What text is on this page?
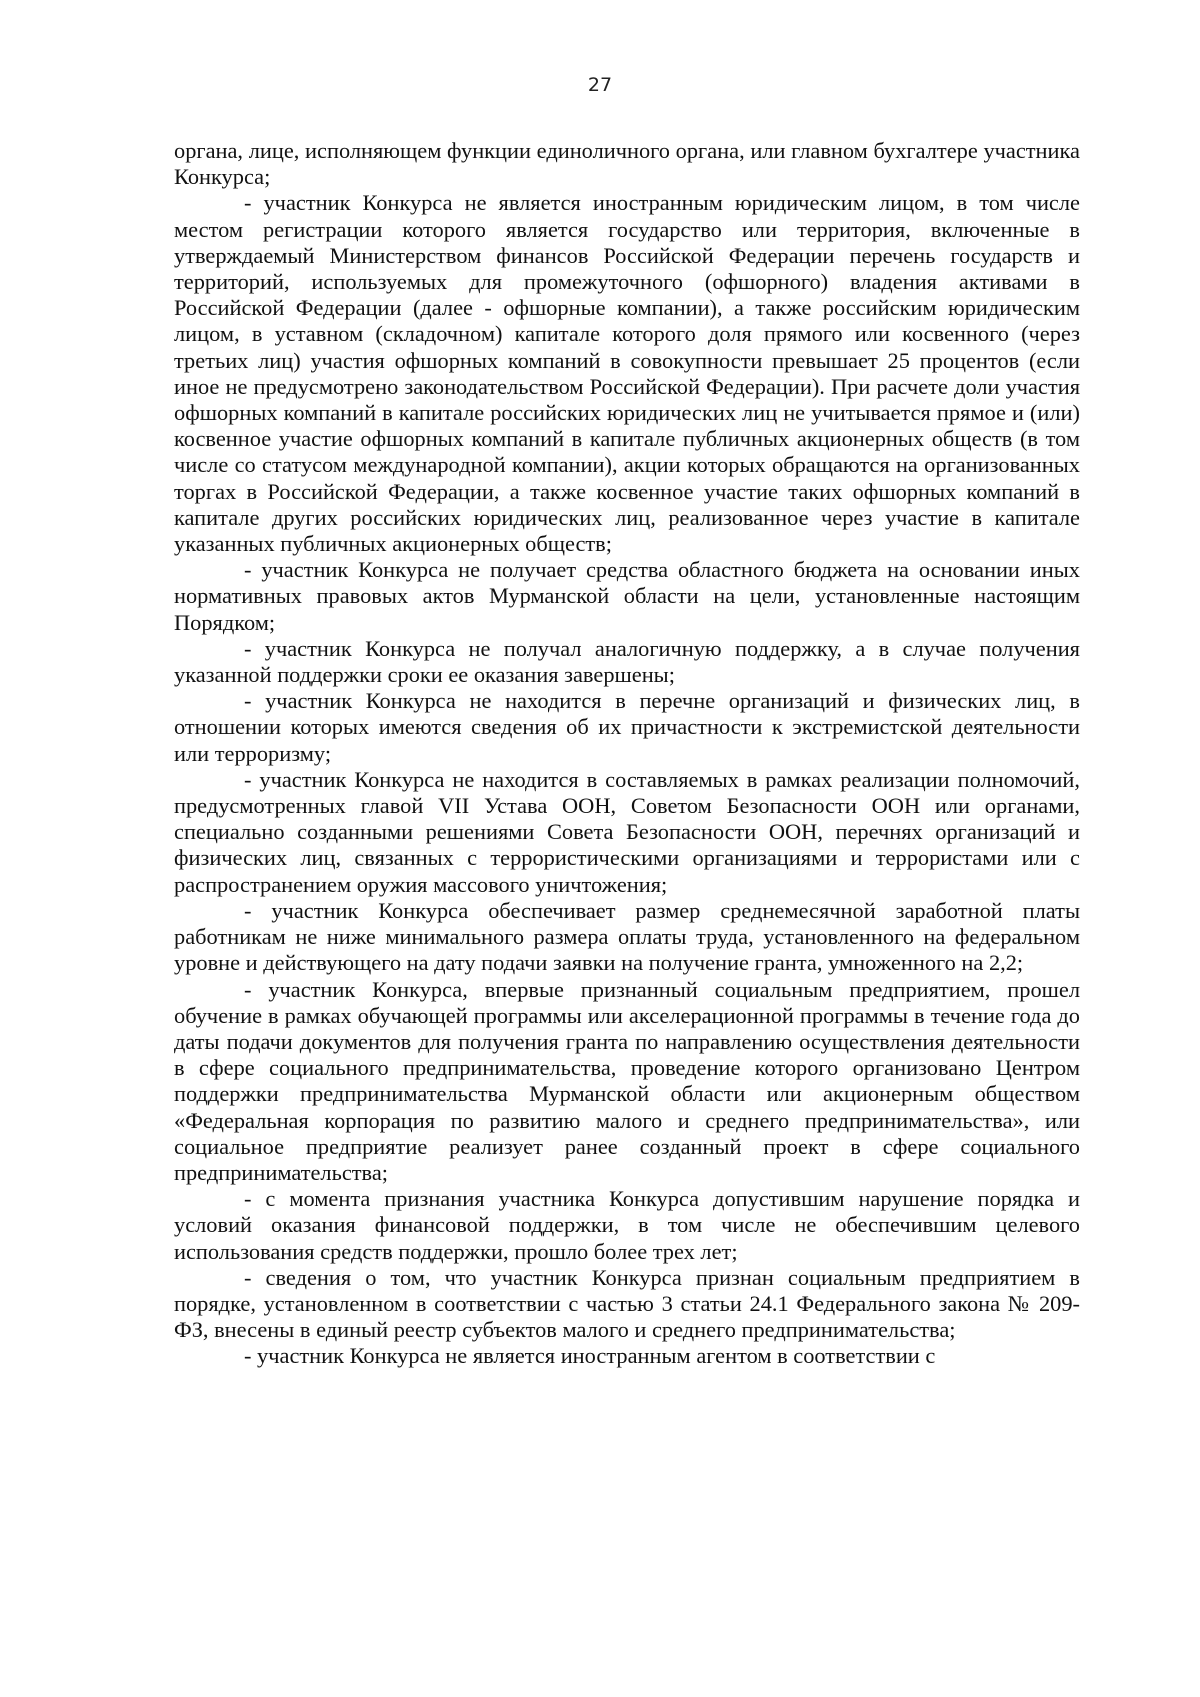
27

органа, лице, исполняющем функции единоличного органа, или главном бухгалтере участника Конкурса;

- участник Конкурса не является иностранным юридическим лицом, в том числе местом регистрации которого является государство или территория, включенные в утверждаемый Министерством финансов Российской Федерации перечень государств и территорий, используемых для промежуточного (офшорного) владения активами в Российской Федерации (далее - офшорные компании), а также российским юридическим лицом, в уставном (складочном) капитале которого доля прямого или косвенного (через третьих лиц) участия офшорных компаний в совокупности превышает 25 процентов (если иное не предусмотрено законодательством Российской Федерации). При расчете доли участия офшорных компаний в капитале российских юридических лиц не учитывается прямое и (или) косвенное участие офшорных компаний в капитале публичных акционерных обществ (в том числе со статусом международной компании), акции которых обращаются на организованных торгах в Российской Федерации, а также косвенное участие таких офшорных компаний в капитале других российских юридических лиц, реализованное через участие в капитале указанных публичных акционерных обществ;

- участник Конкурса не получает средства областного бюджета на основании иных нормативных правовых актов Мурманской области на цели, установленные настоящим Порядком;

- участник Конкурса не получал аналогичную поддержку, а в случае получения указанной поддержки сроки ее оказания завершены;

- участник Конкурса не находится в перечне организаций и физических лиц, в отношении которых имеются сведения об их причастности к экстремистской деятельности или терроризму;

- участник Конкурса не находится в составляемых в рамках реализации полномочий, предусмотренных главой VII Устава ООН, Советом Безопасности ООН или органами, специально созданными решениями Совета Безопасности ООН, перечнях организаций и физических лиц, связанных с террористическими организациями и террористами или с распространением оружия массового уничтожения;

- участник Конкурса обеспечивает размер среднемесячной заработной платы работникам не ниже минимального размера оплаты труда, установленного на федеральном уровне и действующего на дату подачи заявки на получение гранта, умноженного на 2,2;

- участник Конкурса, впервые признанный социальным предприятием, прошел обучение в рамках обучающей программы или акселерационной программы в течение года до даты подачи документов для получения гранта по направлению осуществления деятельности в сфере социального предпринимательства, проведение которого организовано Центром поддержки предпринимательства Мурманской области или акционерным обществом «Федеральная корпорация по развитию малого и среднего предпринимательства», или социальное предприятие реализует ранее созданный проект в сфере социального предпринимательства;

- с момента признания участника Конкурса допустившим нарушение порядка и условий оказания финансовой поддержки, в том числе не обеспечившим целевого использования средств поддержки, прошло более трех лет;

- сведения о том, что участник Конкурса признан социальным предприятием в порядке, установленном в соответствии с частью 3 статьи 24.1 Федерального закона № 209-ФЗ, внесены в единый реестр субъектов малого и среднего предпринимательства;

- участник Конкурса не является иностранным агентом в соответствии с
